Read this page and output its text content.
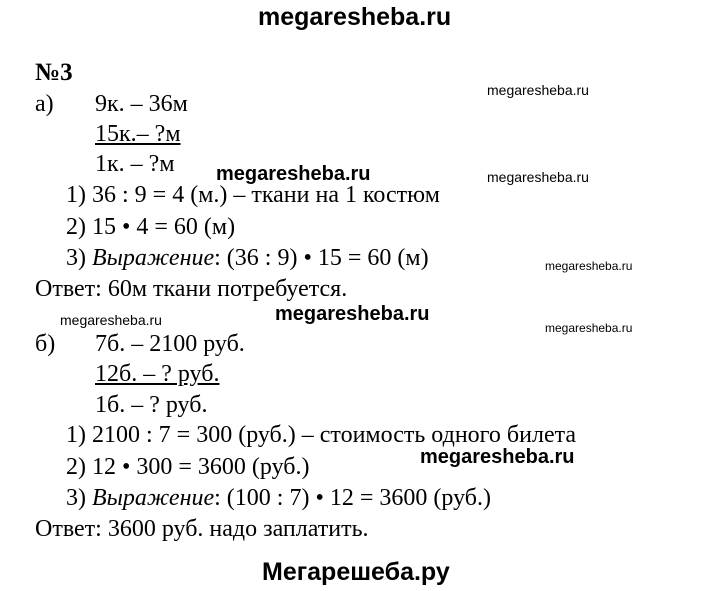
megaresheba.ru
megaresheba.ru
megaresheba.ru	megaresheba.ru
megaresheba.ru
megaresheba.ru	megaresheba.ru
megaresheba.ru
megaresheba.ru
Мегарешеба.ру
№3
а) 9к. – 36м
15к.– ?м
1к. – ?м
1) 36 : 9 = 4 (м.) – ткани на 1 костюм
2) 15 • 4 = 60 (м)
3) Выражение: (36 : 9) • 15 = 60 (м)
Ответ: 60м ткани потребуется.
б) 7б. – 2100 руб.
12б. – ? руб.
1б. – ? руб.
1) 2100 : 7 = 300 (руб.) – стоимость одного билета
2) 12 • 300 = 3600 (руб.)
3) Выражение: (100 : 7) • 12 = 3600 (руб.)
Ответ: 3600 руб. надо заплатить.
